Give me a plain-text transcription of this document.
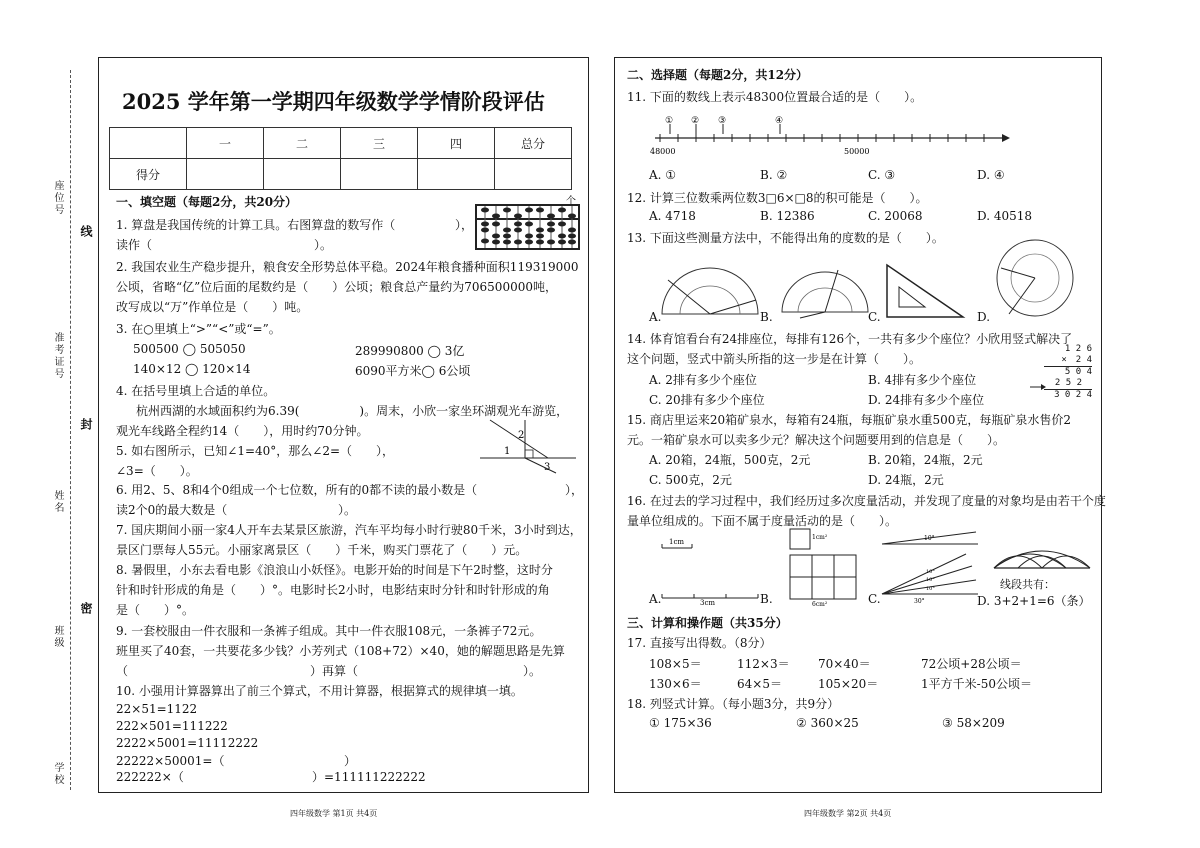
座位号
准考证号
姓名
班级
学校
线
封
密
2025 学年第一学期四年级数学学情阶段评估
	一	二	三	四	总分
得分					
一、填空题（每题2分，共20分）
1. 算盘是我国传统的计算工具。右图算盘的数写作（	），
读作（	）。
个
2. 我国农业生产稳步提升，粮食安全形势总体平稳。2024年粮食播种面积119319000
公顷，省略“亿”位后面的尾数约是（　　）公顷；粮食总产量约为706500000吨，
改写成以“万”作单位是（　　）吨。
3. 在○里填上“>”“<”或“=”。
500500 ◯ 505050	289990800 ◯ 3亿
140×12 ◯ 120×14	6090平方米◯ 6公顷
4. 在括号里填上合适的单位。
杭州西湖的水域面积约为6.39(　　　　　)。周末，小欣一家坐环湖观光车游览，
观光车线路全程约14（　　），用时约70分钟。
5. 如右图所示，已知∠1=40°，那么∠2=（　　），
∠3=（　　）。
1
2
3
6. 用2、5、8和4个0组成一个七位数，所有的0都不读的最小数是（	），
读2个0的最大数是（	）。
7. 国庆期间小丽一家4人开车去某景区旅游，汽车平均每小时行驶80千米，3小时到达，
景区门票每人55元。小丽家离景区（　　）千米，购买门票花了（　　）元。
8. 暑假里，小东去看电影《浪浪山小妖怪》。电影开始的时间是下午2时整，这时分
针和时针形成的角是（　　）°。电影时长2小时，电影结束时分针和时针形成的角
是（　　）°。
9. 一套校服由一件衣服和一条裤子组成。其中一件衣服108元，一条裤子72元。
班里买了40套，一共要花多少钱？小芳列式（108+72）×40，她的解题思路是先算
（	）再算（	）。
10. 小强用计算器算出了前三个算式，不用计算器，根据算式的规律填一填。
22×51=1122
222×501=111222
2222×5001=11112222
22222×50001=（	）
222222×（	）=111111222222
四年级数学 第1页 共4页
二、选择题（每题2分，共12分）
11. 下面的数线上表示48300位置最合适的是（　　）。
① ② ③	④
48000	50000
A. ①	B. ②	C. ③	D. ④
12. 计算三位数乘两位数3□6×□8的积可能是（　　）。
A. 4718	B. 12386	C. 20068	D. 40518
13. 下面这些测量方法中，不能得出角的度数的是（　　）。
A.	B.	C.	D.
14. 体育馆看台有24排座位，每排有126个，一共有多少个座位？小欣用竖式解决了
这个问题，竖式中箭头所指的这一步是在计算（　　）。
A. 2排有多少个座位	B. 4排有多少个座位
C. 20排有多少个座位	D. 24排有多少个座位
1 2 6
×　2 4
5 0 4
2 5 2
3 0 2 4
15. 商店里运来20箱矿泉水，每箱有24瓶，每瓶矿泉水重500克，每瓶矿泉水售价2
元。一箱矿泉水可以卖多少元？解决这个问题要用到的信息是（　　）。
A. 20箱，24瓶，500克，2元	B. 20箱，24瓶，2元
C. 500克，2元	D. 24瓶，2元
16. 在过去的学习过程中，我们经历过多次度量活动，并发现了度量的对象均是由若干个度
量单位组成的。下面不属于度量活动的是（　　）。
1cm
3cm
A.
1cm²
6cm²
B.
10°
10°
10°
10°
30°
C.
线段共有：
D. 3+2+1=6（条）
三、计算和操作题（共35分）
17. 直接写出得数。（8分）
108×5＝	112×3＝ 70×40＝	72公顷+28公顷＝
130×6＝	64×5＝	105×20＝	1平方千米-50公顷＝
18. 列竖式计算。（每小题3分，共9分）
① 175×36	② 360×25	③ 58×209
四年级数学 第2页 共4页
